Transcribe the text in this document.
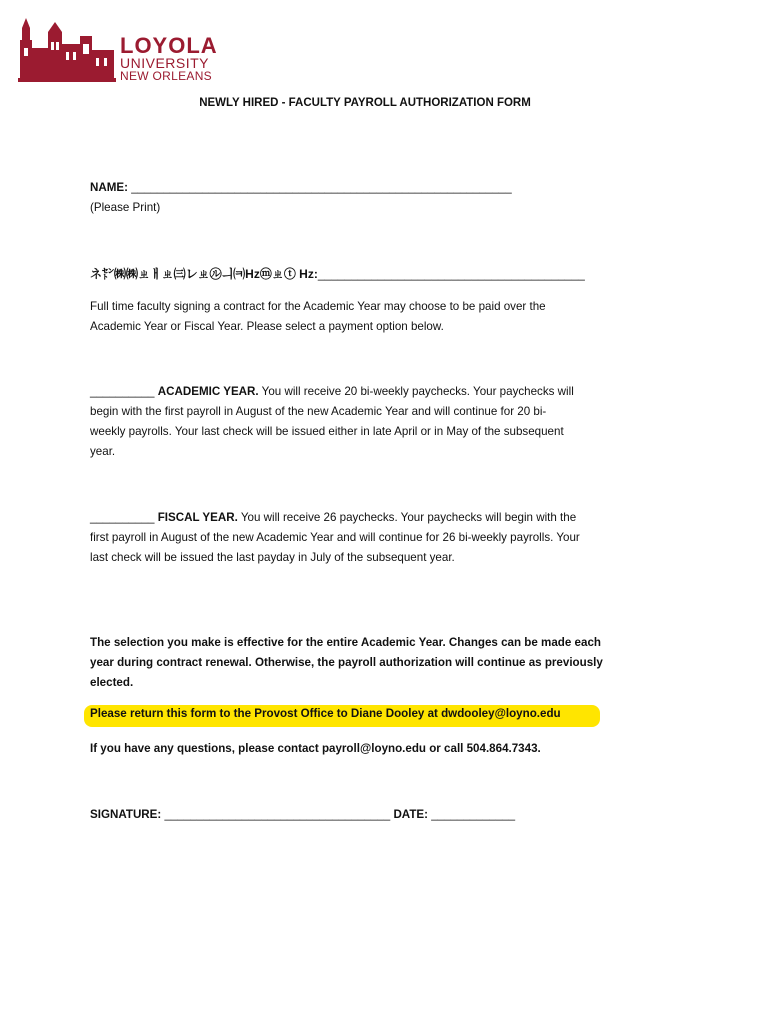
LOYOLA
UNIVERSITY
NEW ORLEANS
NEWLY HIRED - FACULTY PAYROLL AUTHORIZATION FORM
NAME: ___________________________________________________________
(Please Print)
ネ㌣㈱㈱ㄓㅐㄓ㈢㆑ㄓ㋸ㅢ㈊Hzⓜㄓⓣ Hz:________________________________________
Full time faculty signing a contract for the Academic Year may choose to be paid over the Academic Year or Fiscal Year. Please select a payment option below.
__________ ACADEMIC YEAR. You will receive 20 bi-weekly paychecks. Your paychecks will begin with the first payroll in August of the new Academic Year and will continue for 20 bi-weekly payrolls. Your last check will be issued either in late April or in May of the subsequent year.
__________ FISCAL YEAR. You will receive 26 paychecks. Your paychecks will begin with the first payroll in August of the new Academic Year and will continue for 26 bi-weekly payrolls. Your last check will be issued the last payday in July of the subsequent year.
The selection you make is effective for the entire Academic Year. Changes can be made each year during contract renewal. Otherwise, the payroll authorization will continue as previously elected.
Please return this form to the Provost Office to Diane Dooley at dwdooley@loyno.edu
If you have any questions, please contact payroll@loyno.edu or call 504.864.7343.
SIGNATURE: ___________________________________ DATE: _____________
